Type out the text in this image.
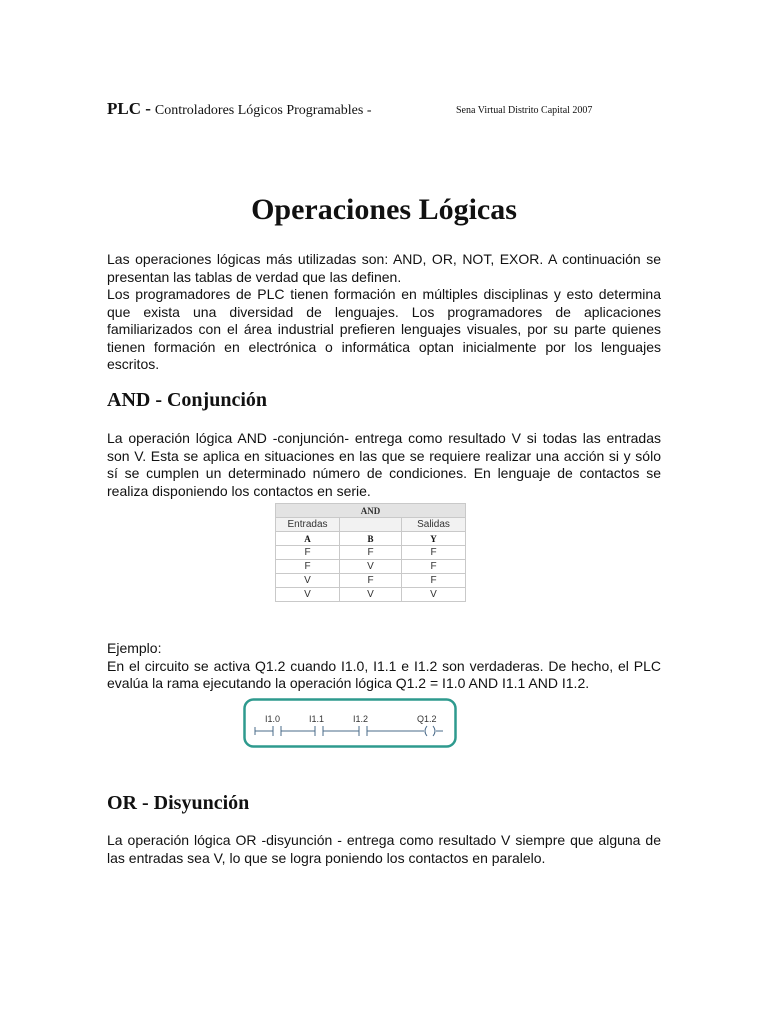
PLC - Controladores Lógicos Programables -	Sena Virtual Distrito Capital 2007
Operaciones Lógicas
Las operaciones lógicas más utilizadas son: AND, OR, NOT, EXOR. A continuación se presentan las tablas de verdad que las definen.
Los programadores de PLC tienen formación en múltiples disciplinas y esto determina que exista una diversidad de lenguajes. Los programadores de aplicaciones familiarizados con el área industrial prefieren lenguajes visuales, por su parte quienes tienen formación en electrónica o informática optan inicialmente por los lenguajes escritos.
AND - Conjunción
La operación lógica AND -conjunción- entrega como resultado V si todas las entradas son V. Esta se aplica en situaciones en las que se requiere realizar una acción si y sólo sí se cumplen un determinado número de condiciones. En lenguaje de contactos se realiza disponiendo los contactos en serie.
AND		
Entradas		Salidas
A	B	Y
F	F	F
F	V	F
V	F	F
V	V	V
Ejemplo:
En el circuito se activa Q1.2 cuando I1.0, I1.1 e I1.2 son verdaderas. De hecho, el PLC evalúa la rama ejecutando la operación lógica Q1.2 = I1.0 AND I1.1 AND I1.2.
I1.0	I1.1	I1.2	Q1.2
OR - Disyunción
La operación lógica OR -disyunción - entrega como resultado V siempre que alguna de las entradas sea V, lo que se logra poniendo los contactos en paralelo.
